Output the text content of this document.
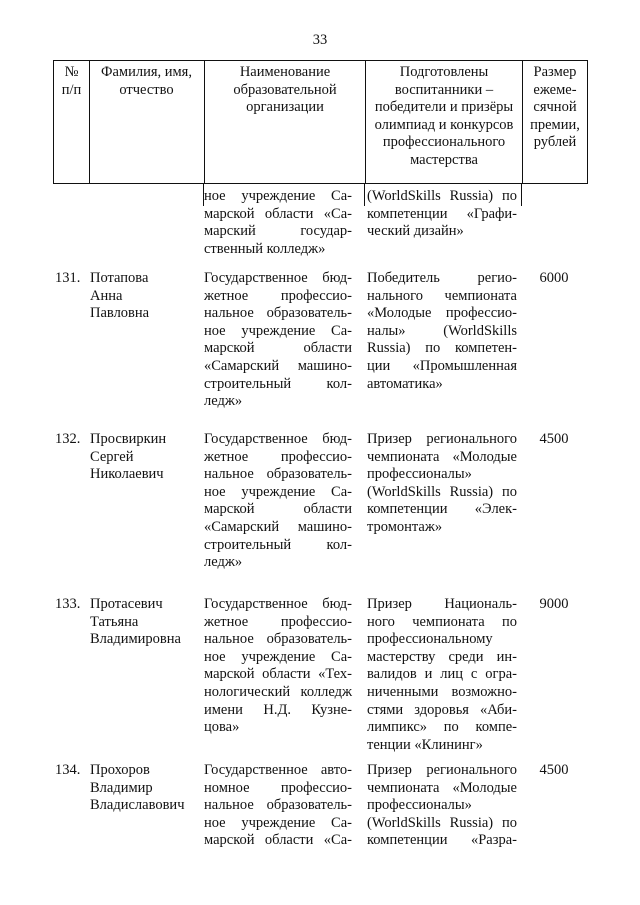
33
№
п/п
Фамилия, имя,
отчество
Наименование
образовательной
организации
Подготовлены
воспитанники –
победители и призёры
олимпиад и конкурсов
профессионального
мастерства
Размер
ежеме-
сячной
премии,
рублей
ное учреждение Са-
марской области «Са-
марский государ-
ственный колледж»
(WorldSkills Russia) по
компетенции «Графи-
ческий дизайн»
131. Потапова
Анна
Павловна
Государственное бюд-
жетное профессио-
нальное образователь-
ное учреждение Са-
марской области
«Самарский машино-
строительный кол-
ледж»
Победитель регио-
нального чемпионата
«Молодые профессио-
налы» (WorldSkills
Russia) по компетен-
ции «Промышленная
автоматика»
6000
132. Просвиркин
Сергей
Николаевич
Государственное бюд-
жетное профессио-
нальное образователь-
ное учреждение Са-
марской области
«Самарский машино-
строительный кол-
ледж»
Призер регионального
чемпионата «Молодые
профессионалы»
(WorldSkills Russia) по
компетенции «Элек-
тромонтаж»
4500
133. Протасевич
Татьяна
Владимировна
Государственное бюд-
жетное профессио-
нальное образователь-
ное учреждение Са-
марской области «Тех-
нологический колледж
имени Н.Д. Кузне-
цова»
Призер Националь-
ного чемпионата по
профессиональному
мастерству среди ин-
валидов и лиц с огра-
ниченными возможно-
стями здоровья «Аби-
лимпикс» по компе-
тенции «Клининг»
9000
134. Прохоров
Владимир
Владиславович
Государственное авто-
номное профессио-
нальное образователь-
ное учреждение Са-
марской области «Са-
Призер регионального
чемпионата «Молодые
профессионалы»
(WorldSkills Russia) по
компетенции «Разра-
4500
